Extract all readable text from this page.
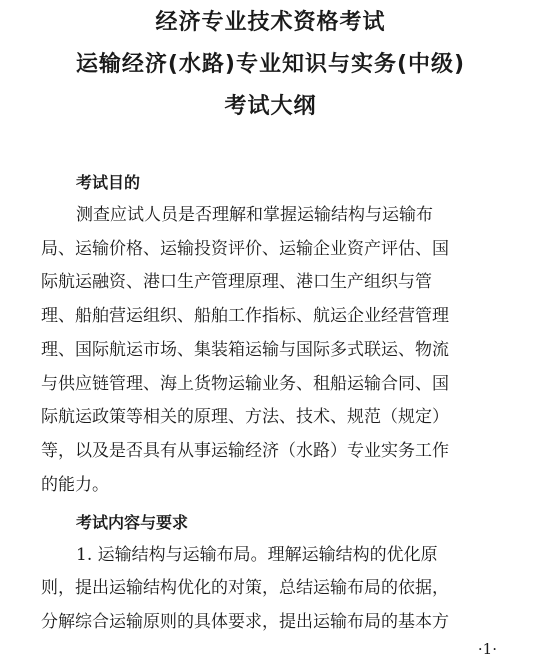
经济专业技术资格考试
运输经济(水路)专业知识与实务(中级)
考试大纲
考试目的
测查应试人员是否理解和掌握运输结构与运输布
局、运输价格、运输投资评价、运输企业资产评估、国
际航运融资、港口生产管理原理、港口生产组织与管
理、船舶营运组织、船舶工作指标、航运企业经营管理
理、国际航运市场、集装箱运输与国际多式联运、物流
与供应链管理、海上货物运输业务、租船运输合同、国
际航运政策等相关的原理、方法、技术、规范（规定）
等，以及是否具有从事运输经济（水路）专业实务工作
的能力。
考试内容与要求
1. 运输结构与运输布局。理解运输结构的优化原
则，提出运输结构优化的对策，总结运输布局的依据，
分解综合运输原则的具体要求，提出运输布局的基本方
·1·
